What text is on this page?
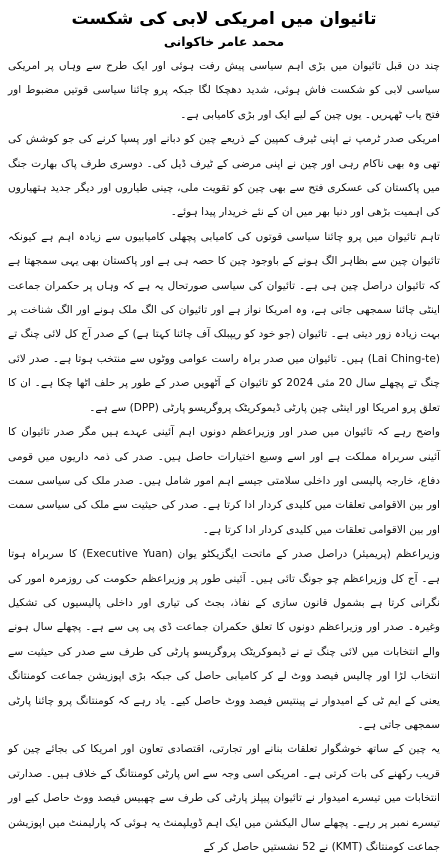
تائیوان میں امریکی لابی کی شکست
محمد عامر خاکوانی

چند دن قبل تائیوان میں بڑی اہم سیاسی پیش رفت ہوئی اور ایک طرح سے وہاں پر امریکی سیاسی لابی کو شکست فاش ہوئی، شدید دھچکا لگا جبکہ پرو چائنا سیاسی قوتیں مضبوط اور فتح یاب ٹھہریں۔ یوں چین کے لیے ایک اور بڑی کامیابی ہے۔

امریکی صدر ٹرمپ نے اپنی ٹیرف کمپین کے ذریعے چین کو دبانے اور پسپا کرنے کی جو کوشش کی تھی وہ بھی ناکام رہی اور چین نے اپنی مرضی کے ٹیرف ڈیل کی۔ دوسری طرف پاک بھارت جنگ میں پاکستان کی عسکری فتح سے بھی چین کو تقویت ملی، چینی طیاروں اور دیگر جدید ہتھیاروں کی اہمیت بڑھی اور دنیا بھر میں ان کے نئے خریدار پیدا ہوئے۔

تاہم تائیوان میں پرو چائنا سیاسی قوتوں کی کامیابی پچھلی کامیابیوں سے زیادہ اہم ہے کیونکہ تائیوان چین سے بظاہر الگ ہونے کے باوجود چین کا حصہ ہی ہے اور پاکستان بھی یہی سمجھتا ہے کہ تائیوان دراصل چین ہی ہے۔ تائیوان کی سیاسی صورتحال یہ ہے کہ وہاں پر حکمران جماعت اینٹی چائنا سمجھی جاتی ہے، وہ امریکا نواز ہے اور تائیوان کی الگ ملک ہونے اور الگ شناخت پر بہت زیادہ زور دیتی ہے۔ تائیوان (جو خود کو ریپبلک آف چائنا کہتا ہے) کے صدر آج کل لائی چنگ تے (Lai Ching-te) ہیں۔ تائیوان میں صدر براہ راست عوامی ووٹوں سے منتخب ہوتا ہے۔ صدر لائی چنگ تے پچھلے سال 20 مئی 2024 کو تائیوان کے آٹھویں صدر کے طور پر حلف اٹھا چکا ہے۔ ان کا تعلق پرو امریکا اور اینٹی چین پارٹی ڈیموکریٹک پروگریسو پارٹی (DPP) سے ہے۔

واضح رہے کہ تائیوان میں صدر اور وزیراعظم دونوں اہم آئینی عہدے ہیں مگر صدر تائیوان کا آئینی سربراہ مملکت ہے اور اسے وسیع اختیارات حاصل ہیں۔ صدر کی ذمہ داریوں میں قومی دفاع، خارجہ پالیسی اور داخلی سلامتی جیسے اہم امور شامل ہیں۔ صدر ملک کی سیاسی سمت اور بین الاقوامی تعلقات میں کلیدی کردار ادا کرتا ہے۔ صدر کی حیثیت سے ملک کی سیاسی سمت اور بین الاقوامی تعلقات میں کلیدی کردار ادا کرتا ہے۔

وزیراعظم (پریمیئر) دراصل صدر کے ماتحت ایگزیکٹو یوان (Executive Yuan) کا سربراہ ہوتا ہے۔ آج کل وزیراعظم چو جونگ تائی ہیں۔ آئینی طور پر وزیراعظم حکومت کی روزمرہ امور کی نگرانی کرتا ہے بشمول قانون سازی کے نفاذ، بجٹ کی تیاری اور داخلی پالیسیوں کی تشکیل وغیرہ۔ صدر اور وزیراعظم دونوں کا تعلق حکمران جماعت ڈی پی پی سے ہے۔ پچھلے سال ہونے والے انتخابات میں لائی چنگ تے نے ڈیموکریٹک پروگریسو پارٹی کی طرف سے صدر کی حیثیت سے انتخاب لڑا اور چالیس فیصد ووٹ لے کر کامیابی حاصل کی جبکہ بڑی اپوزیشن جماعت کومنتانگ یعنی کے ایم ٹی کے امیدوار نے پینتیس فیصد ووٹ حاصل کیے۔ یاد رہے کہ کومنتانگ پرو چائنا پارٹی سمجھی جاتی ہے۔

یہ چین کے ساتھ خوشگوار تعلقات بنانے اور تجارتی، اقتصادی تعاون اور امریکا کی بجائے چین کو قریب رکھنے کی بات کرتی ہے۔ امریکی اسی وجہ سے اس پارٹی کومنتانگ کے خلاف ہیں۔ صدارتی انتخابات میں تیسرے امیدوار نے تائیوان پیپلز پارٹی کی طرف سے چھبیس فیصد ووٹ حاصل کیے اور تیسرے نمبر پر رہے۔ پچھلے سال الیکشن میں ایک اہم ڈویلپمنٹ یہ ہوئی کہ پارلیمنٹ میں اپوزیشن جماعت کومنتانگ (KMT) نے 52 نشستیں حاصل کر کے
